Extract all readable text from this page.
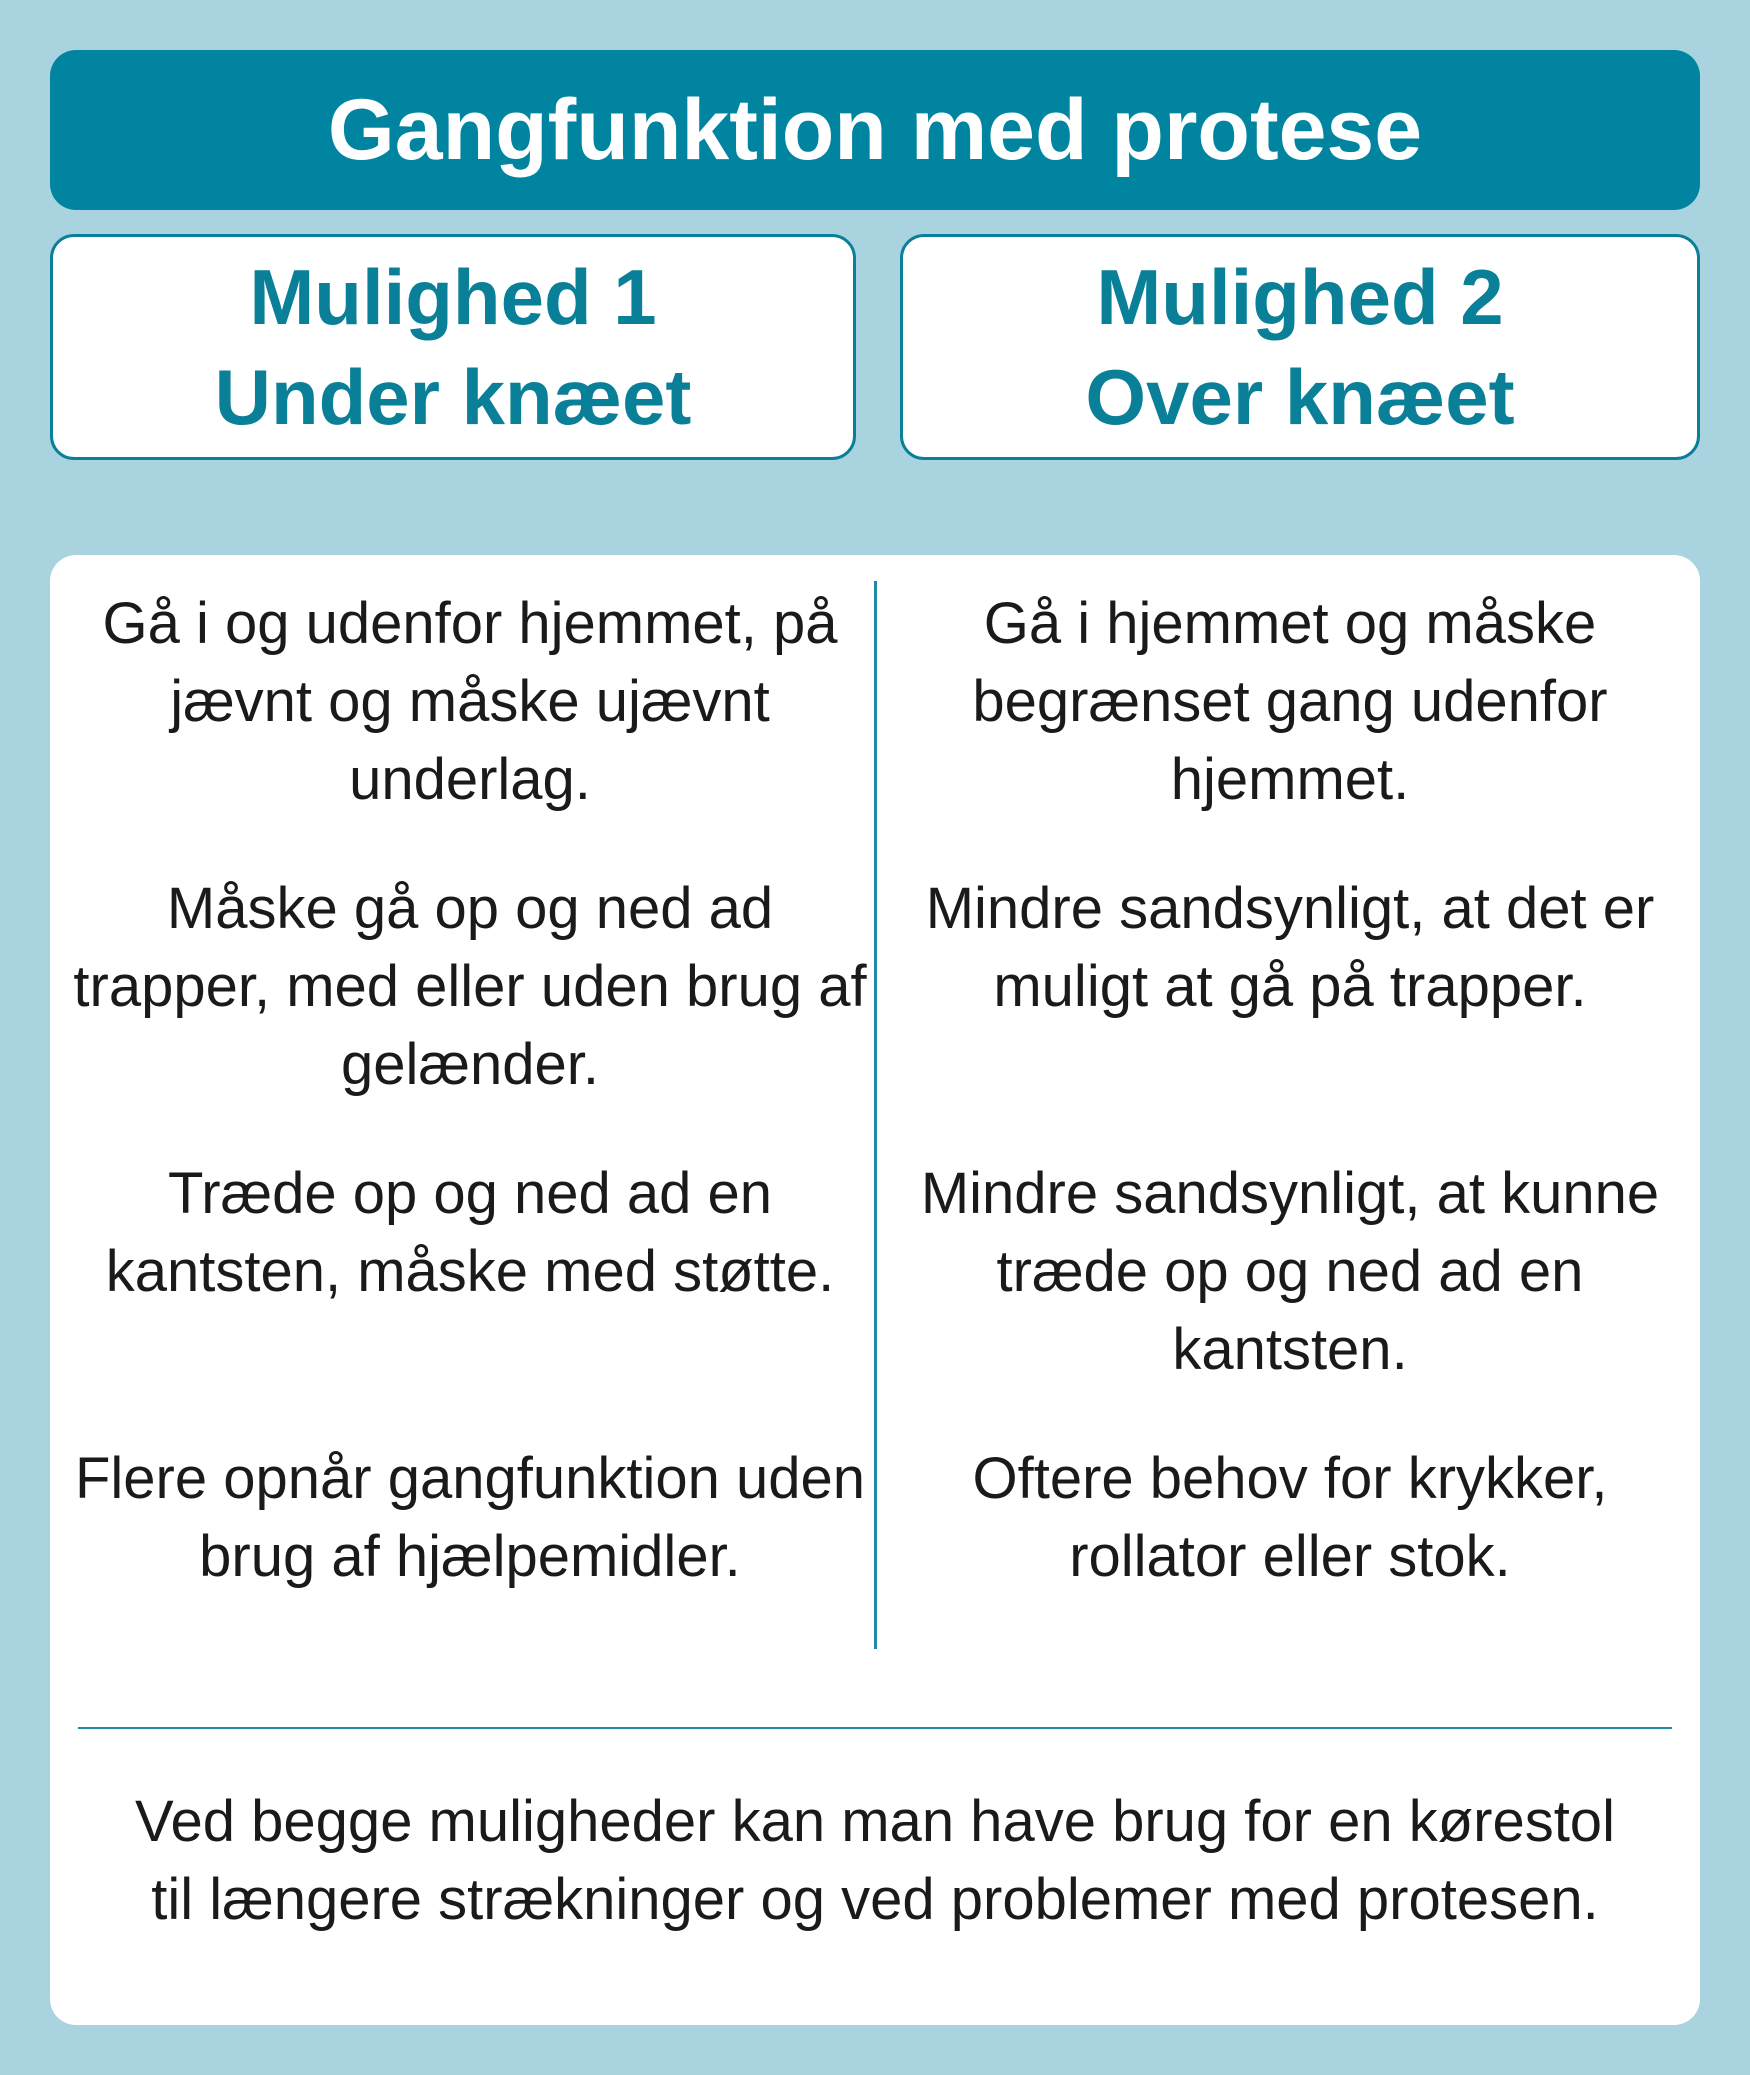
Gangfunktion med protese
Mulighed 1
Under knæet
Mulighed 2
Over knæet

Gå i og udenfor hjemmet, på jævnt og måske ujævnt underlag.

Måske gå op og ned ad trapper, med eller uden brug af gelænder.

Træde op og ned ad en kantsten, måske med støtte.

Flere opnår gangfunktion uden brug af hjælpemidler.

Gå i hjemmet og måske begrænset gang udenfor hjemmet.

Mindre sandsynligt, at det er muligt at gå på trapper.

Mindre sandsynligt, at kunne træde op og ned ad en kantsten.

Oftere behov for krykker, rollator eller stok.

Ved begge muligheder kan man have brug for en kørestol til længere strækninger og ved problemer med protesen.
